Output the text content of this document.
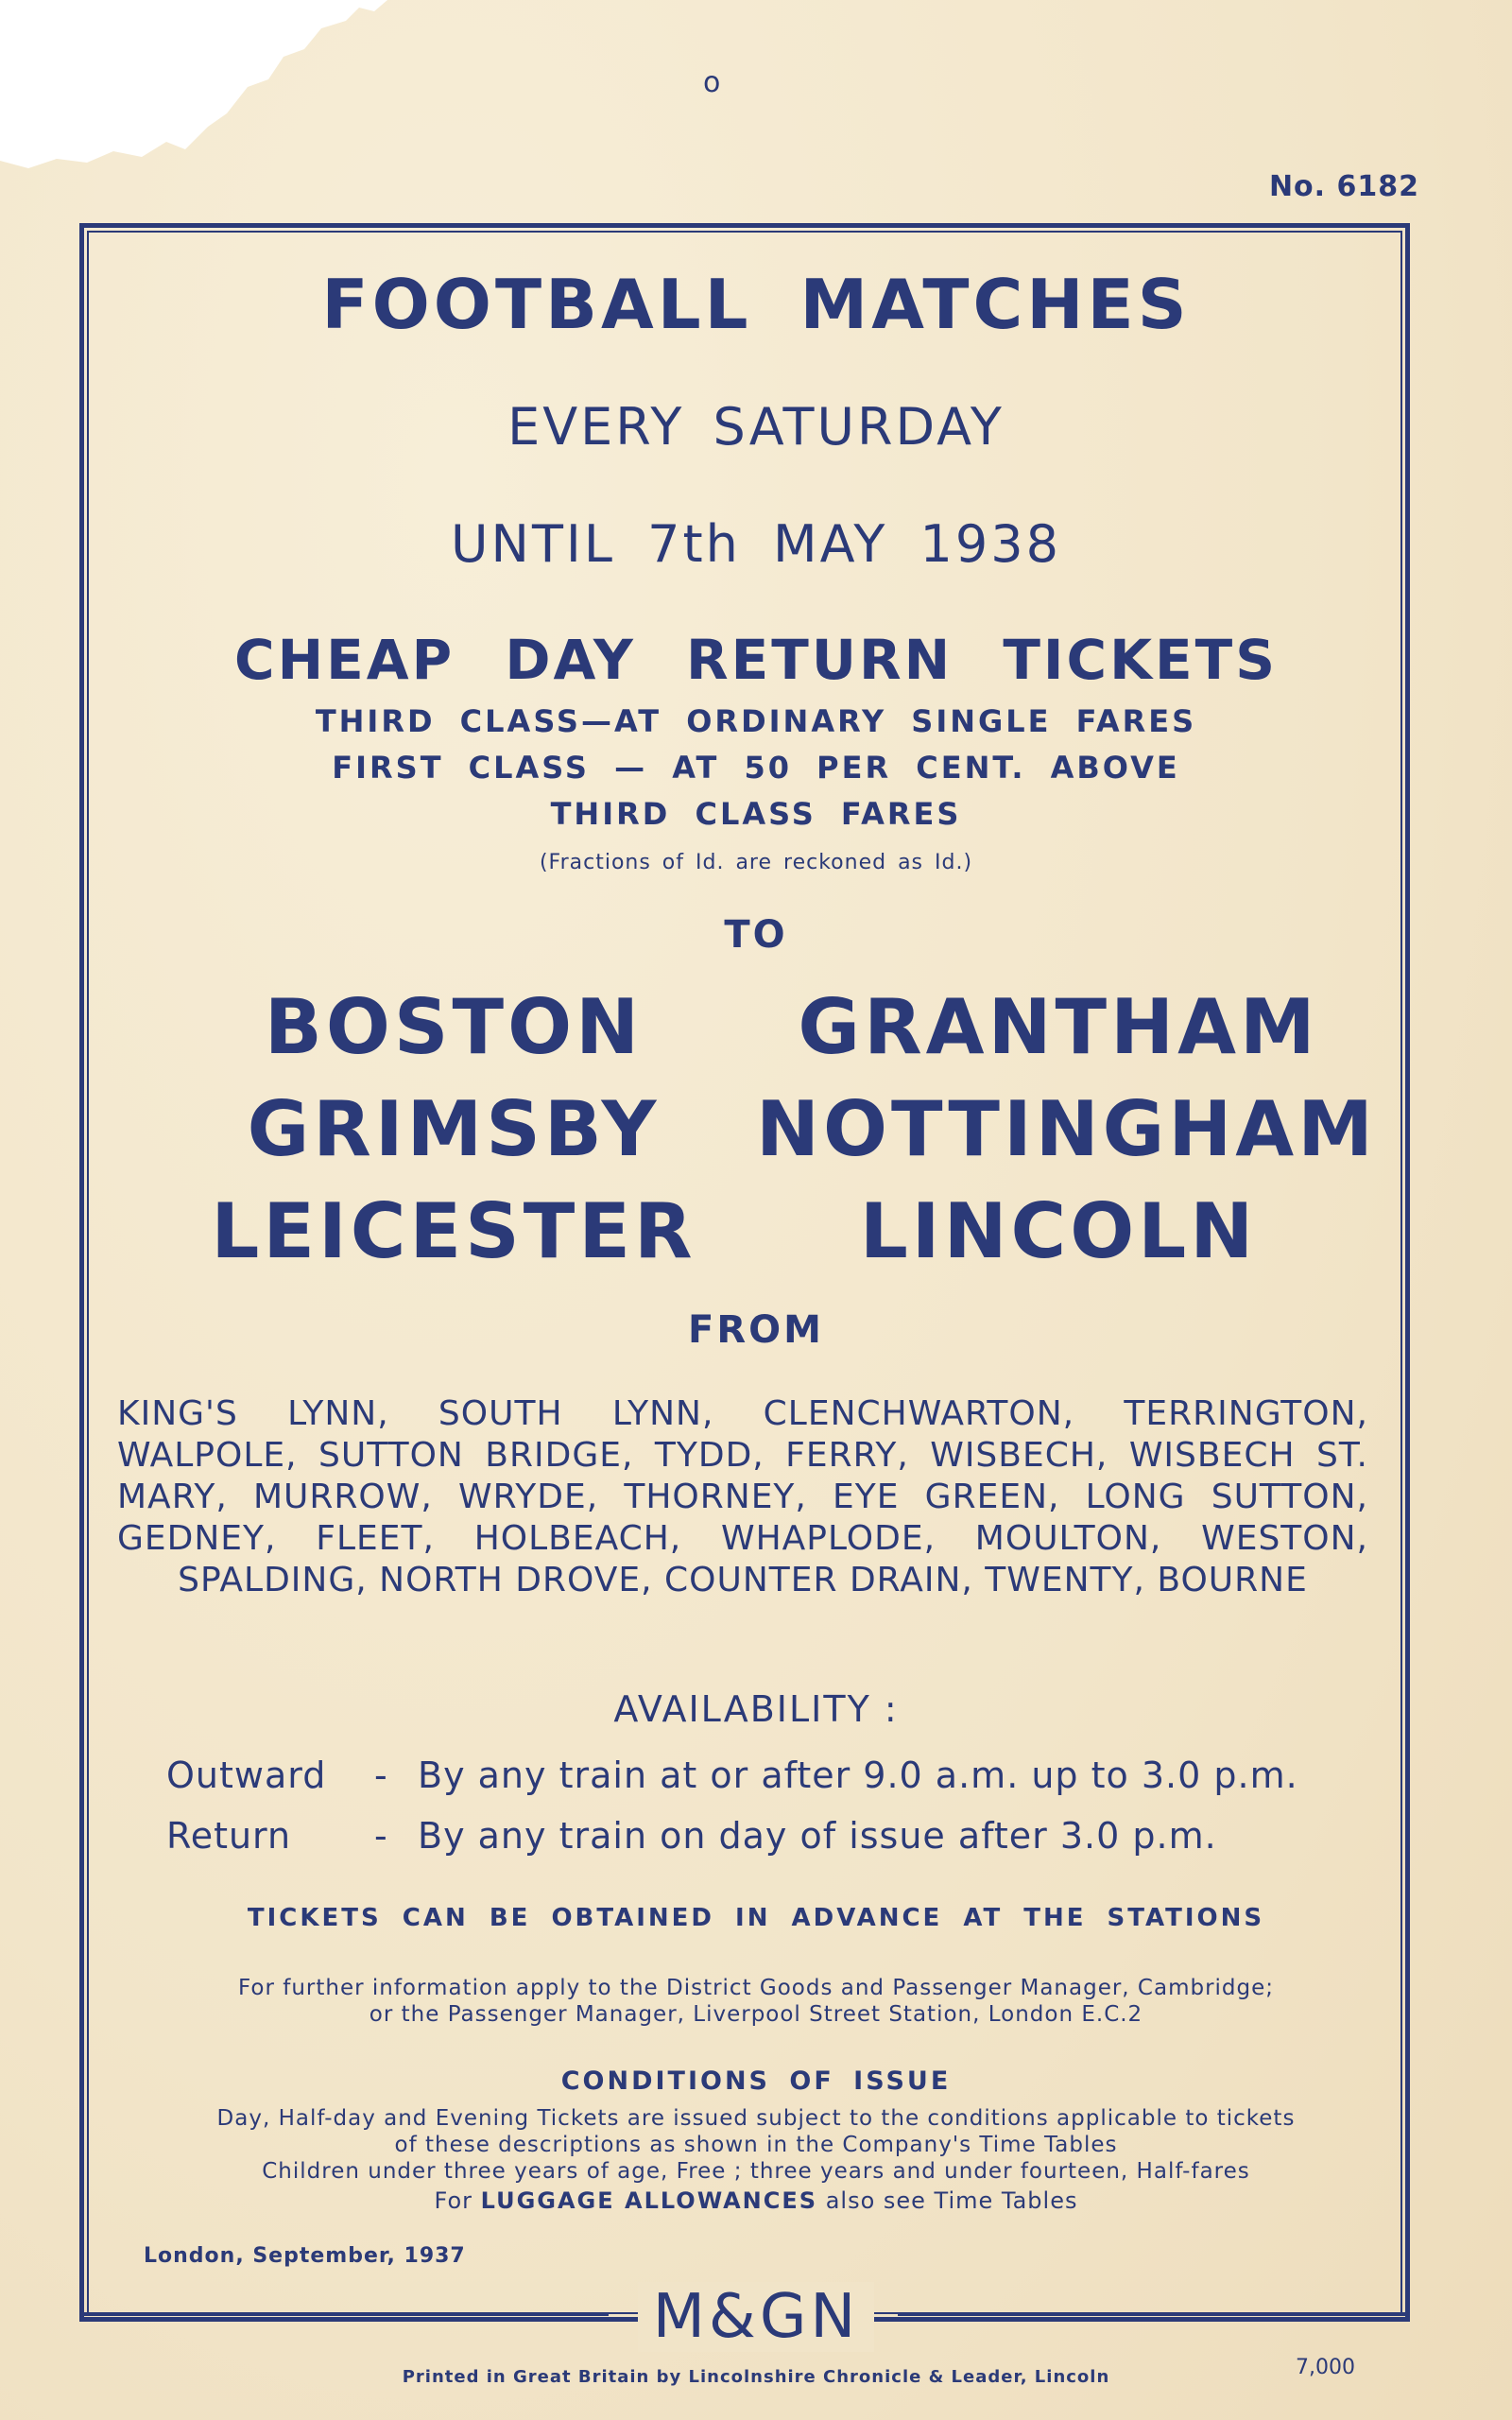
o
No. 6182
FOOTBALL MATCHES
EVERY SATURDAY
UNTIL 7th MAY 1938
CHEAP DAY RETURN TICKETS
THIRD CLASS—AT ORDINARY SINGLE FARES
FIRST CLASS — AT 50 PER CENT. ABOVE
THIRD CLASS FARES
(Fractions of Id. are reckoned as Id.)
TO
BOSTON	GRANTHAM
GRIMSBY	NOTTINGHAM
LEICESTER	LINCOLN
FROM
KING'S LYNN, SOUTH LYNN, CLENCHWARTON, TERRINGTON, WALPOLE, SUTTON BRIDGE, TYDD, FERRY, WISBECH, WISBECH ST. MARY, MURROW, WRYDE, THORNEY, EYE GREEN, LONG SUTTON, GEDNEY, FLEET, HOLBEACH, WHAPLODE, MOULTON, WESTON, SPALDING, NORTH DROVE, COUNTER DRAIN, TWENTY, BOURNE
AVAILABILITY :
Outward - By any train at or after 9.0 a.m. up to 3.0 p.m.
Return - By any train on day of issue after 3.0 p.m.
TICKETS CAN BE OBTAINED IN ADVANCE AT THE STATIONS
For further information apply to the District Goods and Passenger Manager, Cambridge;
or the Passenger Manager, Liverpool Street Station, London E.C.2
CONDITIONS OF ISSUE
Day, Half-day and Evening Tickets are issued subject to the conditions applicable to tickets
of these descriptions as shown in the Company's Time Tables
Children under three years of age, Free ; three years and under fourteen, Half-fares
For LUGGAGE ALLOWANCES also see Time Tables
London, September, 1937
M&GN
Printed in Great Britain by Lincolnshire Chronicle & Leader, Lincoln	7,000
